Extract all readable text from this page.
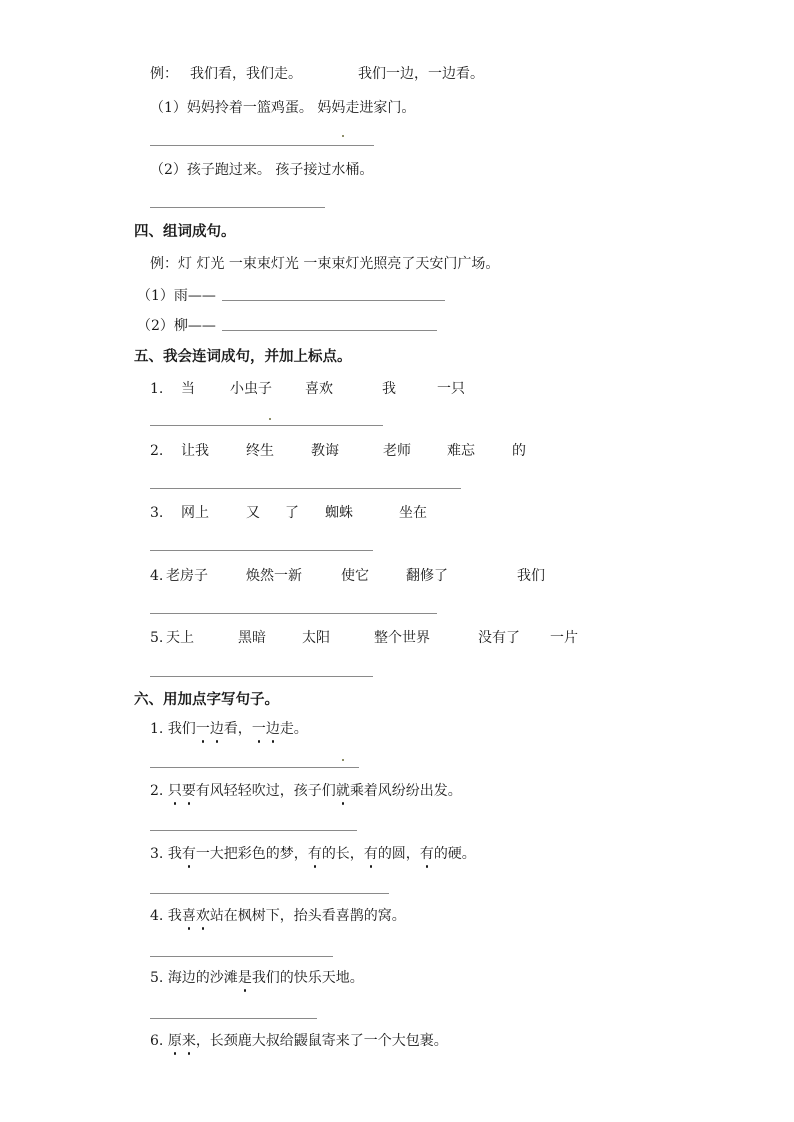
例： 我们看，我们走。	我们一边，一边看。
（1）妈妈拎着一篮鸡蛋。 妈妈走进家门。
（2）孩子跑过来。 孩子接过水桶。
四、组词成句。
例：灯 灯光 一束束灯光 一束束灯光照亮了天安门广场。
（1）雨——
（2）柳——
五、我会连词成句，并加上标点。
1. 当	小虫子 喜欢	我	一只
2. 让我	终生	教诲	老师	难忘	的
3. 网上	又 了 蜘蛛	坐在
4. 老房子	焕然一新	使它	翻修了	我们
5. 天上	黑暗	太阳	整个世界	没有了 一片
六、用加点字写句子。
1. 我们一边看，一边走。
2. 只要有风轻轻吹过，孩子们就乘着风纷纷出发。
3. 我有一大把彩色的梦，有的长，有的圆，有的硬。
4. 我喜欢站在枫树下，抬头看喜鹊的窝。
5. 海边的沙滩是我们的快乐天地。
6. 原来，长颈鹿大叔给鼹鼠寄来了一个大包裹。
